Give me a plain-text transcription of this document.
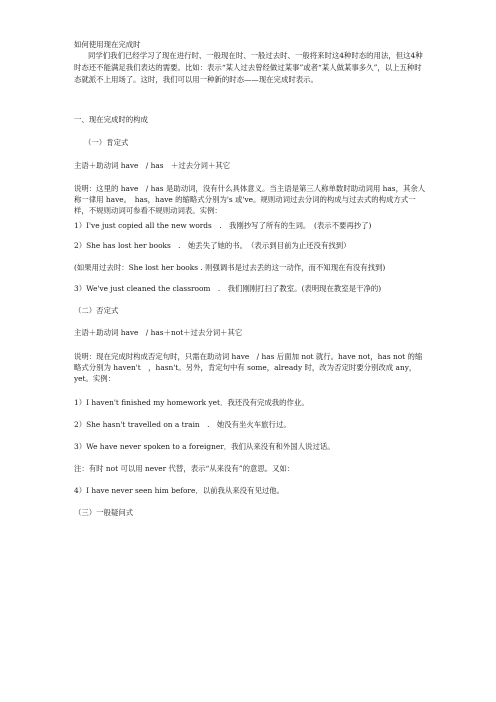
如何使用现在完成时
同学们我们已经学习了现在进行时、一般现在时、一般过去时、一般将来时这4种时态的用法，但这4种时态还不能满足我们表达的需要。比如：表示“某人过去曾经做过某事”或者“某人做某事多久”，以上五种时态就派不上用场了。这时，我们可以用一种新的时态——现在完成时表示。
一、现在完成时的构成
（一）肯定式
主语＋助动词 have　/ has　＋过去分词＋其它
说明：这里的 have　/ has 是助动词，没有什么具体意义。当主语是第三人称单数时助动词用 has，其余人称一律用 have。　has，have 的缩略式分别为's 或've。规则动词过去分词的构成与过去式的构成方式一样，不规则动词可参看不规则动词表。实例：
1）I've just copied all the new words　.　我刚抄写了所有的生词。　(表示不要再抄了)
2）She has lost her books　.　她丢失了她的书。　（表示到目前为止还没有找到）
(如果用过去时：She lost her books . 则强调书是过去丢的这一动作，而不知现在有没有找到)
3）We've just cleaned the classroom　.　我们刚刚打扫了教室。(表明现在教室是干净的)
（二）否定式
主语＋助动词 have　/ has＋not＋过去分词＋其它
说明：现在完成时构成否定句时，只需在助动词 have　/ has 后面加 not 就行。have not，has not 的缩略式分别为 haven't　，hasn't。另外，肯定句中有 some，already 时，改为否定时要分别改成 any，yet。实例：
1）I haven't finished my homework yet．我还没有完成我的作业。
2）She hasn't travelled on a train　.　她没有坐火车旅行过。
3）We have never spoken to a foreigner．我们从来没有和外国人说过话。
注：有时 not 可以用 never 代替，表示“从来没有”的意思。又如：
4）I have never seen him before．以前我从来没有见过他。
（三）一般疑问式
